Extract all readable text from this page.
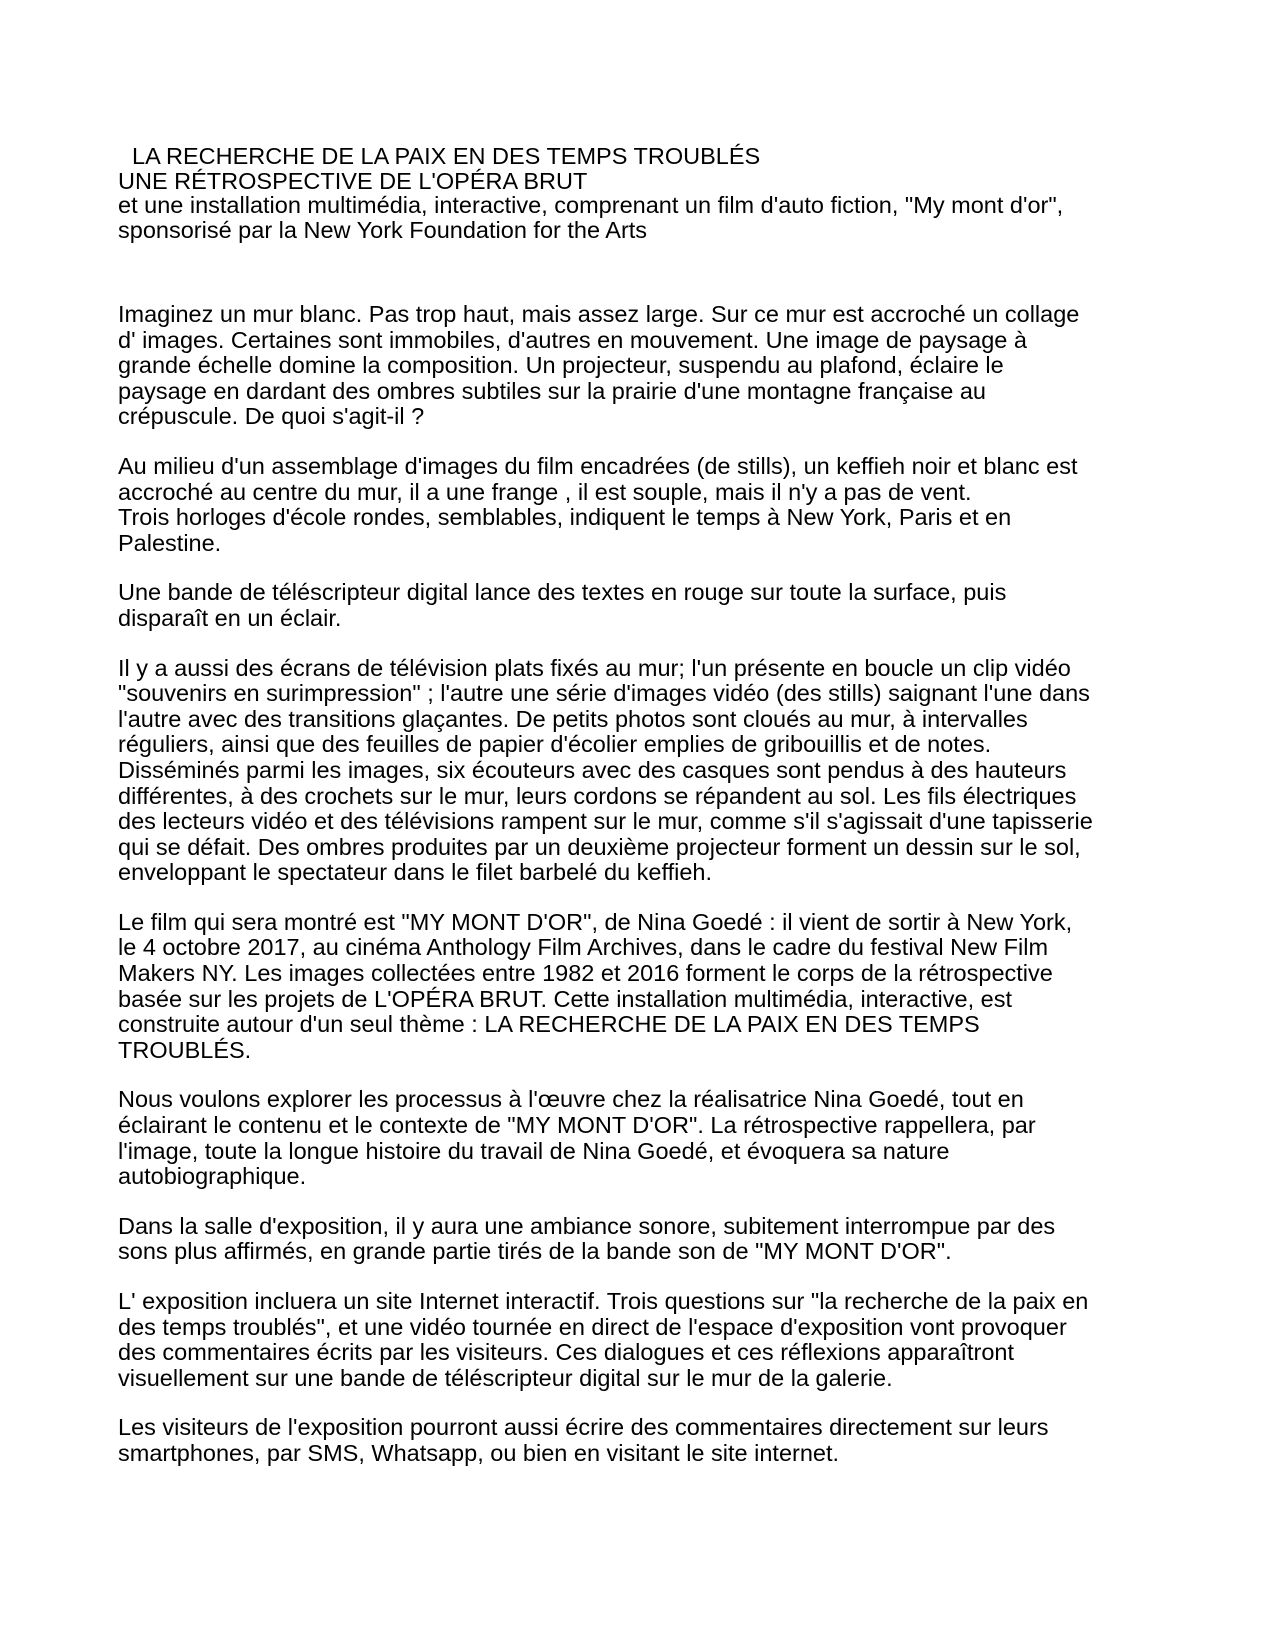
LA RECHERCHE DE LA PAIX EN DES TEMPS TROUBLÉS
UNE RÉTROSPECTIVE DE L'OPÉRA BRUT
et une installation multimédia, interactive, comprenant un film d'auto fiction, "My mont d'or",
sponsorisé par la New York Foundation for the Arts
Imaginez un mur blanc. Pas trop haut, mais assez large. Sur ce mur est accroché un collage
d' images. Certaines sont immobiles, d'autres en mouvement. Une image de paysage à
grande échelle domine la composition. Un projecteur, suspendu au plafond, éclaire le
paysage en dardant des ombres subtiles sur la prairie d'une montagne française au
crépuscule. De quoi s'agit-il ?
Au milieu d'un assemblage d'images du film encadrées (de stills), un keffieh noir et blanc est
accroché au centre du mur, il a une frange , il est souple, mais il n'y a pas de vent.
Trois horloges d'école rondes, semblables, indiquent le temps à New York, Paris et en
Palestine.
Une bande de téléscripteur digital lance des textes en rouge sur toute la surface, puis
disparaît en un éclair.
Il y a aussi des écrans de télévision plats fixés au mur; l'un présente en boucle un clip vidéo
"souvenirs en surimpression" ; l'autre une série d'images vidéo (des stills) saignant l'une dans
l'autre avec des transitions glaçantes. De petits photos sont cloués au mur, à intervalles
réguliers, ainsi que des feuilles de papier d'écolier emplies de gribouillis et de notes.
Disséminés parmi les images, six écouteurs avec des casques sont pendus à des hauteurs
différentes, à des crochets sur le mur, leurs cordons se répandent au sol. Les fils électriques
des lecteurs vidéo et des télévisions rampent sur le mur, comme s'il s'agissait d'une tapisserie
qui se défait. Des ombres produites par un deuxième projecteur forment un dessin sur le sol,
enveloppant le spectateur dans le filet barbelé du keffieh.
Le film qui sera montré est "MY MONT D'OR", de Nina Goedé : il vient de sortir à New York,
le 4 octobre 2017, au cinéma Anthology Film Archives, dans le cadre du festival New Film
Makers NY. Les images collectées entre 1982 et 2016 forment le corps de la rétrospective
basée sur les projets de L'OPÉRA BRUT. Cette installation multimédia, interactive, est
construite autour d'un seul thème : LA RECHERCHE DE LA PAIX EN DES TEMPS
TROUBLÉS.
Nous voulons explorer les processus à l'œuvre chez la réalisatrice Nina Goedé, tout en
éclairant le contenu et le contexte de "MY MONT D'OR". La rétrospective rappellera, par
l'image, toute la longue histoire du travail de Nina Goedé, et évoquera sa nature
autobiographique.
Dans la salle d'exposition, il y aura une ambiance sonore, subitement interrompue par des
sons plus affirmés, en grande partie tirés de la bande son de "MY MONT D'OR".
L' exposition incluera un site Internet interactif. Trois questions sur "la recherche de la paix en
des temps troublés", et une vidéo tournée en direct de l'espace d'exposition vont provoquer
des commentaires écrits par les visiteurs. Ces dialogues et ces réflexions apparaîtront
visuellement sur une bande de téléscripteur digital sur le mur de la galerie.
Les visiteurs de l'exposition pourront aussi écrire des commentaires directement sur leurs
smartphones, par SMS, Whatsapp, ou bien en visitant le site internet.
